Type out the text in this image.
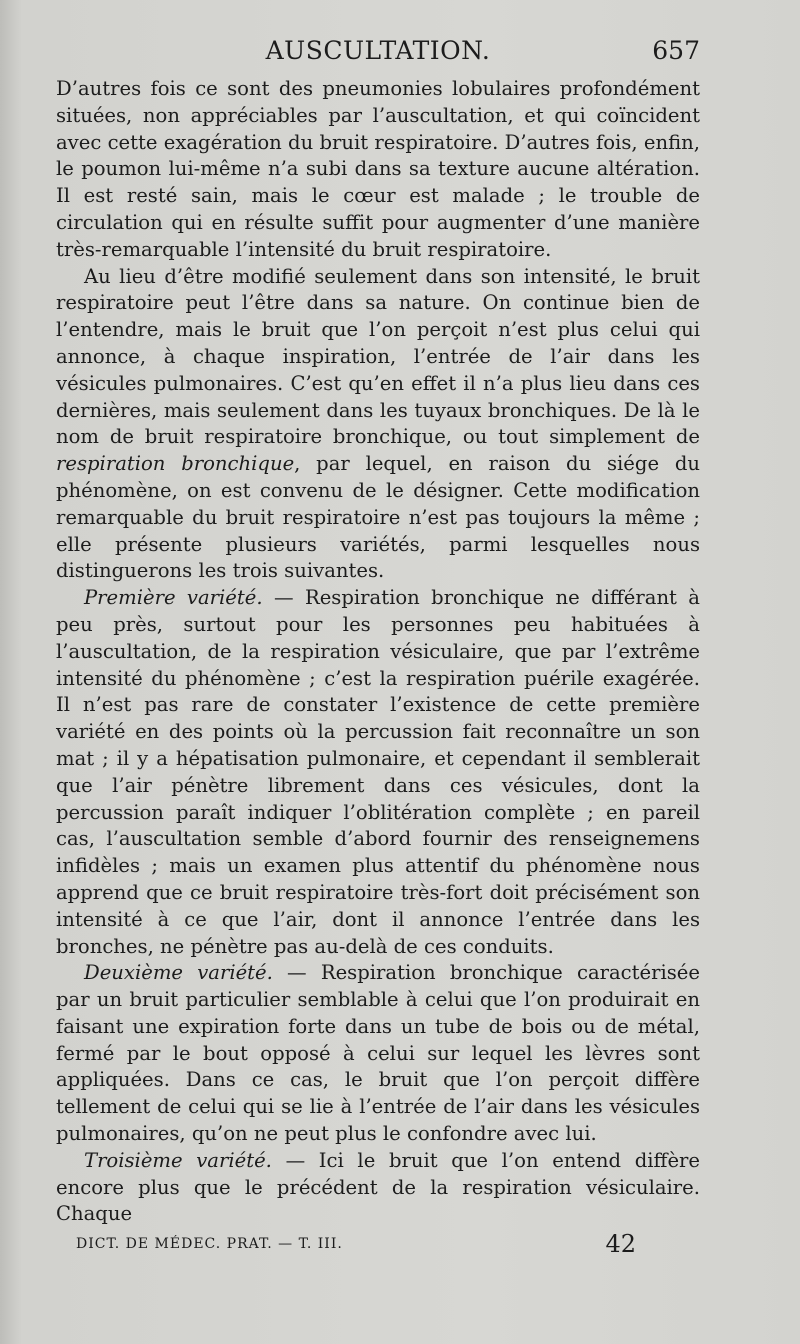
AUSCULTATION.	657

D’autres fois ce sont des pneumonies lobulaires profondément situées, non appréciables par l’auscultation, et qui coïncident avec cette exagération du bruit respiratoire. D’autres fois, enfin, le poumon lui-même n’a subi dans sa texture aucune altération. Il est resté sain, mais le cœur est malade ; le trouble de circulation qui en résulte suffit pour augmenter d’une manière très-remarquable l’intensité du bruit respiratoire.

Au lieu d’être modifié seulement dans son intensité, le bruit respiratoire peut l’être dans sa nature. On continue bien de l’entendre, mais le bruit que l’on perçoit n’est plus celui qui annonce, à chaque inspiration, l’entrée de l’air dans les vésicules pulmonaires. C’est qu’en effet il n’a plus lieu dans ces dernières, mais seulement dans les tuyaux bronchiques. De là le nom de bruit respiratoire bronchique, ou tout simplement de respiration bronchique, par lequel, en raison du siége du phénomène, on est convenu de le désigner. Cette modification remarquable du bruit respiratoire n’est pas toujours la même ; elle présente plusieurs variétés, parmi lesquelles nous distinguerons les trois suivantes.

Première variété. — Respiration bronchique ne différant à peu près, surtout pour les personnes peu habituées à l’auscultation, de la respiration vésiculaire, que par l’extrême intensité du phénomène ; c’est la respiration puérile exagérée. Il n’est pas rare de constater l’existence de cette première variété en des points où la percussion fait reconnaître un son mat ; il y a hépatisation pulmonaire, et cependant il semblerait que l’air pénètre librement dans ces vésicules, dont la percussion paraît indiquer l’oblitération complète ; en pareil cas, l’auscultation semble d’abord fournir des renseignemens infidèles ; mais un examen plus attentif du phénomène nous apprend que ce bruit respiratoire très-fort doit précisément son intensité à ce que l’air, dont il annonce l’entrée dans les bronches, ne pénètre pas au-delà de ces conduits.

Deuxième variété. — Respiration bronchique caractérisée par un bruit particulier semblable à celui que l’on produirait en faisant une expiration forte dans un tube de bois ou de métal, fermé par le bout opposé à celui sur lequel les lèvres sont appliquées. Dans ce cas, le bruit que l’on perçoit diffère tellement de celui qui se lie à l’entrée de l’air dans les vésicules pulmonaires, qu’on ne peut plus le confondre avec lui.

Troisième variété. — Ici le bruit que l’on entend diffère encore plus que le précédent de la respiration vésiculaire. Chaque

DICT. DE MÉDEC. PRAT. — T. III.	42
